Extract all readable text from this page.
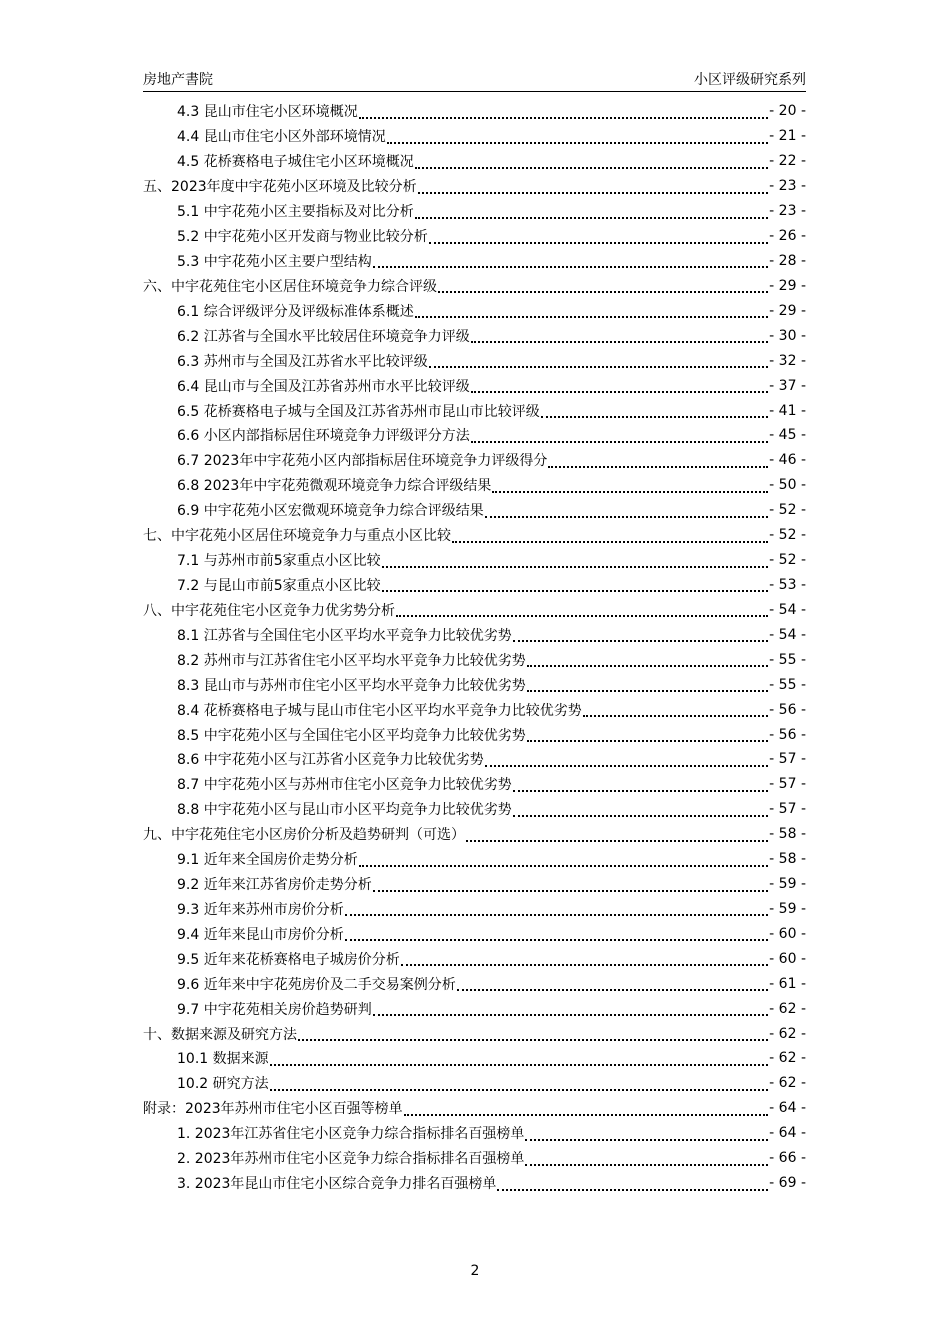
房地产書院	小区评级研究系列
4.3 昆山市住宅小区环境概况	- 20 -
4.4 昆山市住宅小区外部环境情况	- 21 -
4.5 花桥赛格电子城住宅小区环境概况	- 22 -
五、2023年度中宇花苑小区环境及比较分析	- 23 -
5.1 中宇花苑小区主要指标及对比分析	- 23 -
5.2 中宇花苑小区开发商与物业比较分析	- 26 -
5.3 中宇花苑小区主要户型结构	- 28 -
六、中宇花苑住宅小区居住环境竞争力综合评级	- 29 -
6.1 综合评级评分及评级标准体系概述	- 29 -
6.2 江苏省与全国水平比较居住环境竞争力评级	- 30 -
6.3 苏州市与全国及江苏省水平比较评级	- 32 -
6.4 昆山市与全国及江苏省苏州市水平比较评级	- 37 -
6.5 花桥赛格电子城与全国及江苏省苏州市昆山市比较评级	- 41 -
6.6 小区内部指标居住环境竞争力评级评分方法	- 45 -
6.7 2023年中宇花苑小区内部指标居住环境竞争力评级得分	- 46 -
6.8 2023年中宇花苑微观环境竞争力综合评级结果	- 50 -
6.9 中宇花苑小区宏微观环境竞争力综合评级结果	- 52 -
七、中宇花苑小区居住环境竞争力与重点小区比较	- 52 -
7.1 与苏州市前5家重点小区比较	- 52 -
7.2 与昆山市前5家重点小区比较	- 53 -
八、中宇花苑住宅小区竞争力优劣势分析	- 54 -
8.1 江苏省与全国住宅小区平均水平竞争力比较优劣势	- 54 -
8.2 苏州市与江苏省住宅小区平均水平竞争力比较优劣势	- 55 -
8.3 昆山市与苏州市住宅小区平均水平竞争力比较优劣势	- 55 -
8.4 花桥赛格电子城与昆山市住宅小区平均水平竞争力比较优劣势	- 56 -
8.5 中宇花苑小区与全国住宅小区平均竞争力比较优劣势	- 56 -
8.6 中宇花苑小区与江苏省小区竞争力比较优劣势	- 57 -
8.7 中宇花苑小区与苏州市住宅小区竞争力比较优劣势	- 57 -
8.8 中宇花苑小区与昆山市小区平均竞争力比较优劣势	- 57 -
九、中宇花苑住宅小区房价分析及趋势研判（可选）	- 58 -
9.1 近年来全国房价走势分析	- 58 -
9.2 近年来江苏省房价走势分析	- 59 -
9.3 近年来苏州市房价分析	- 59 -
9.4 近年来昆山市房价分析	- 60 -
9.5 近年来花桥赛格电子城房价分析	- 60 -
9.6 近年来中宇花苑房价及二手交易案例分析	- 61 -
9.7 中宇花苑相关房价趋势研判	- 62 -
十、数据来源及研究方法	- 62 -
10.1 数据来源	- 62 -
10.2 研究方法	- 62 -
附录：2023年苏州市住宅小区百强等榜单	- 64 -
1. 2023年江苏省住宅小区竞争力综合指标排名百强榜单	- 64 -
2. 2023年苏州市住宅小区竞争力综合指标排名百强榜单	- 66 -
3. 2023年昆山市住宅小区综合竞争力排名百强榜单	- 69 -
2
